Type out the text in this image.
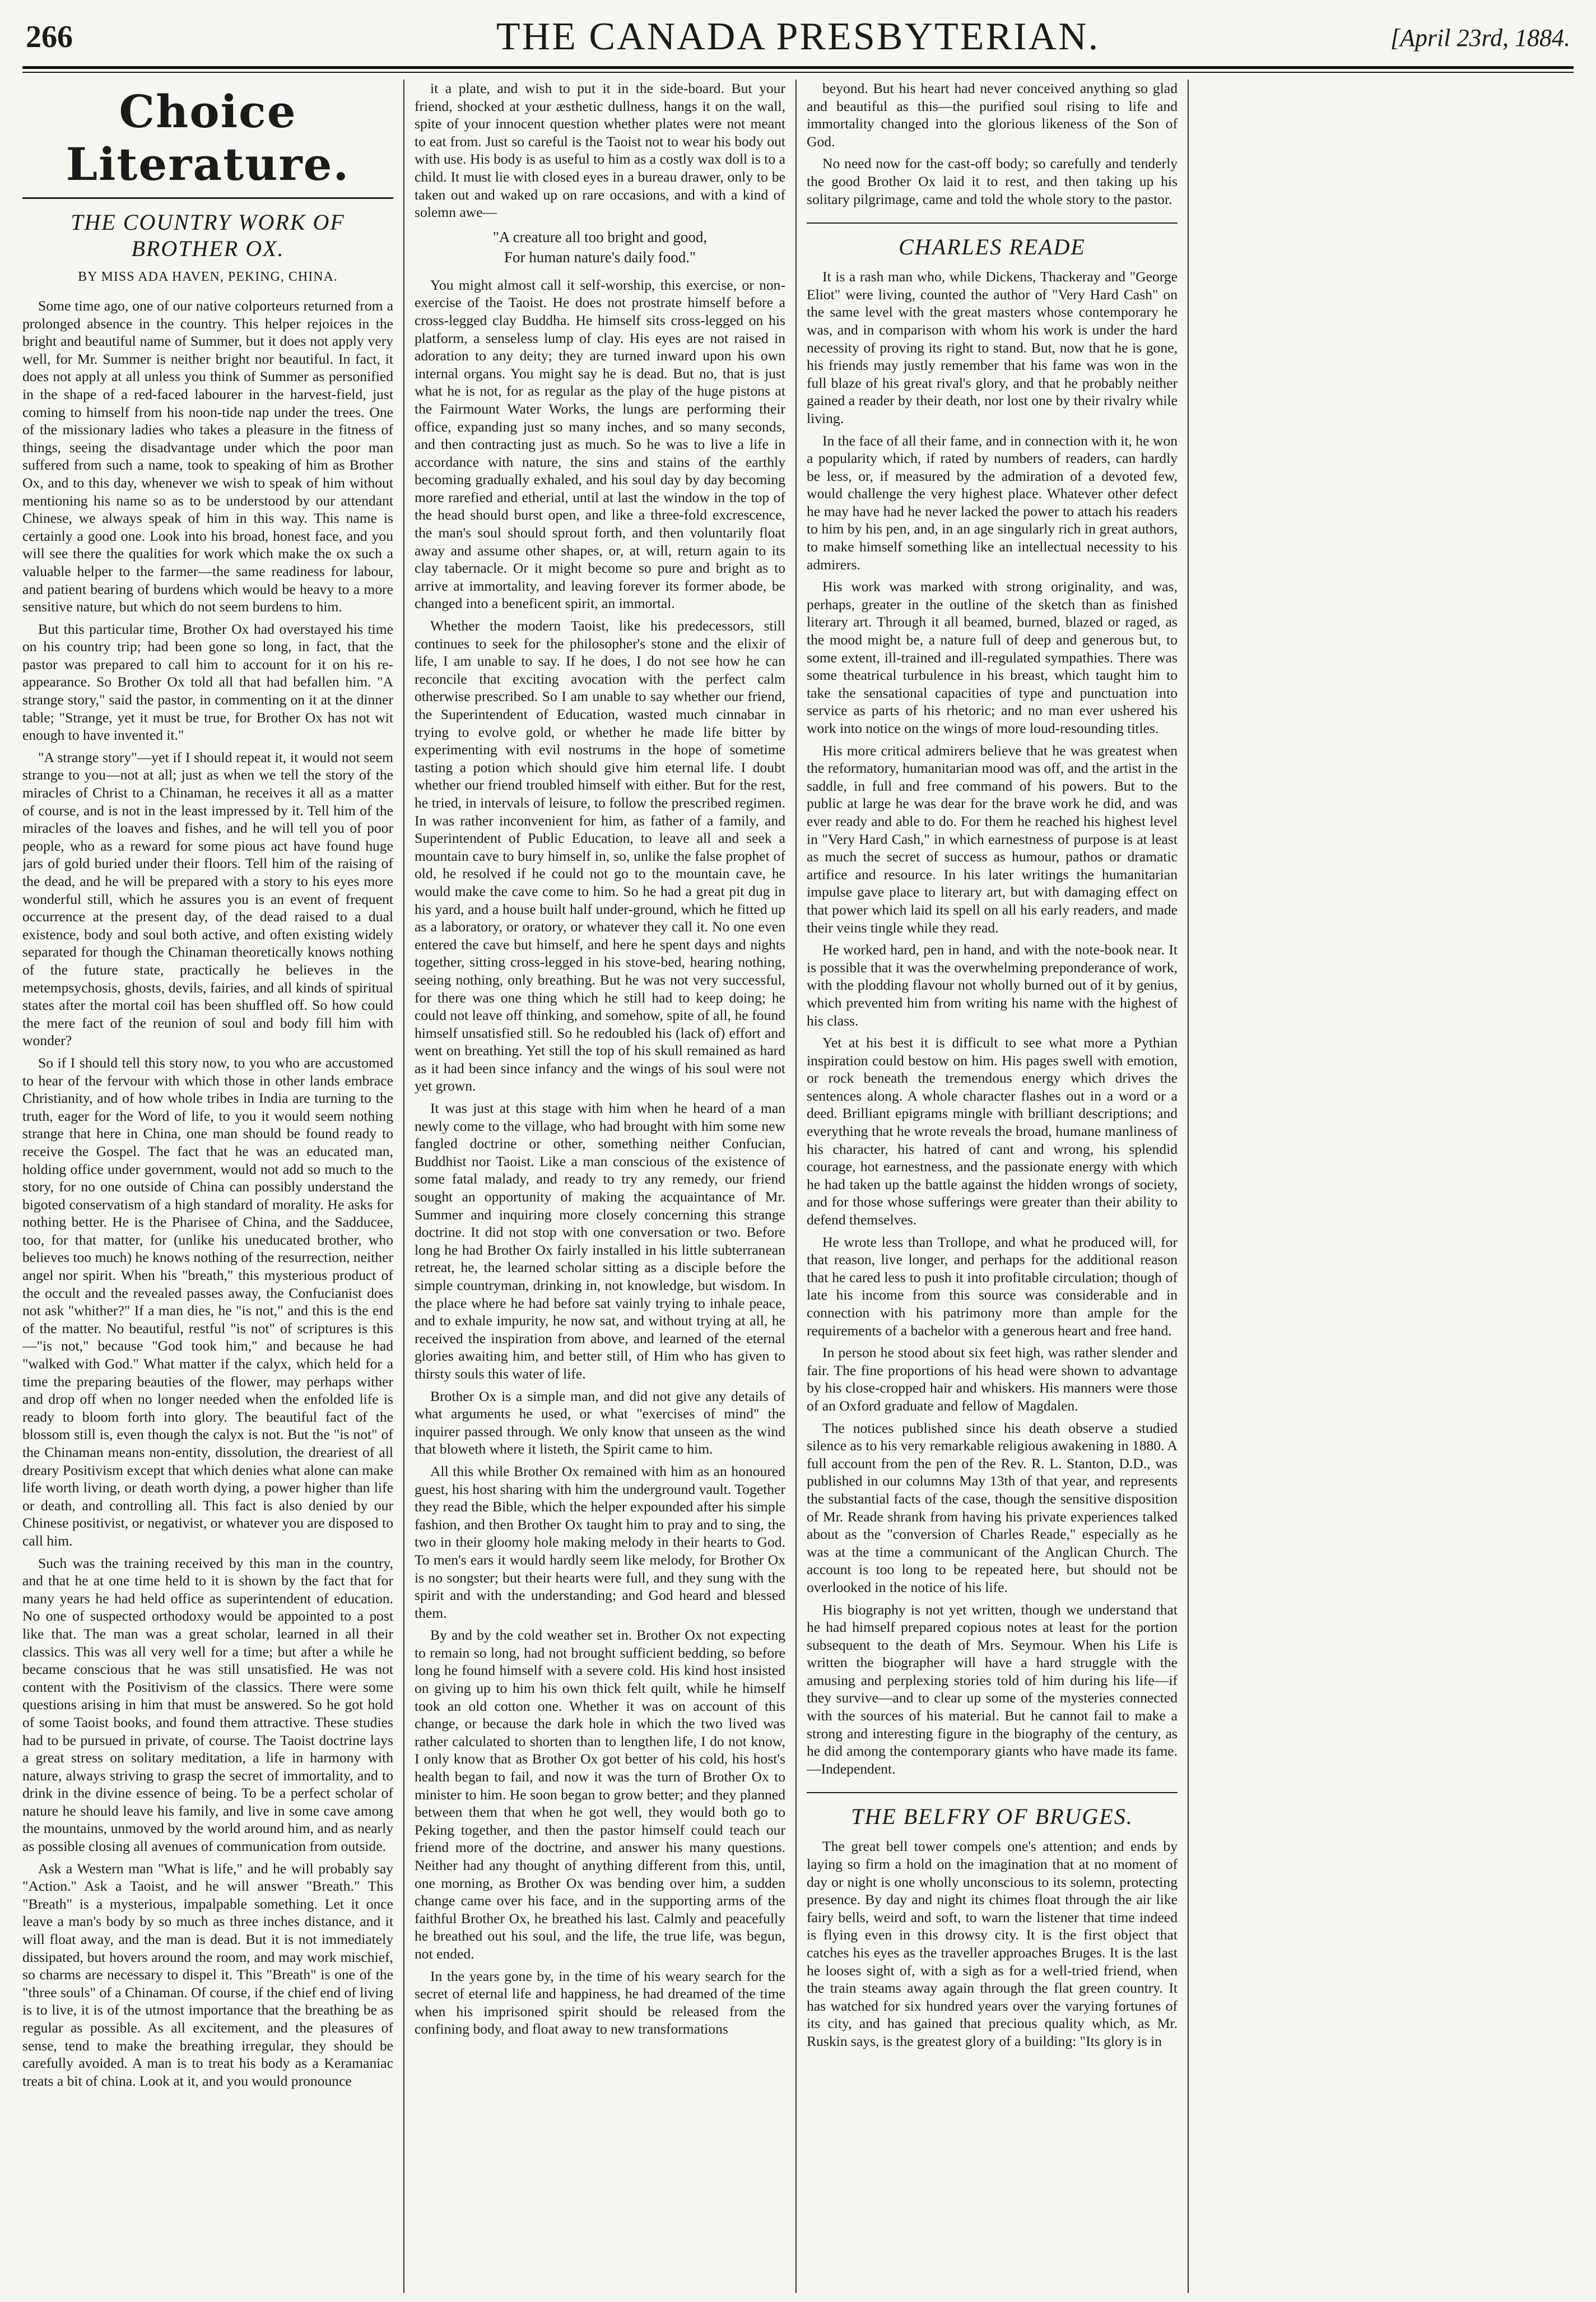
266	THE CANADA PRESBYTERIAN.	[April 23rd, 1884.
Choice Literature.
THE COUNTRY WORK OF BROTHER OX.
BY MISS ADA HAVEN, PEKING, CHINA.

Some time ago, one of our native colporteurs returned from a prolonged absence in the country. This helper rejoices in the bright and beautiful name of Summer, but it does not apply very well, for Mr. Summer is neither bright nor beautiful. In fact, it does not apply at all unless you think of Summer as personified in the shape of a red-faced labourer in the harvest-field, just coming to himself from his noon-tide nap under the trees. One of the missionary ladies who takes a pleasure in the fitness of things, seeing the disadvantage under which the poor man suffered from such a name, took to speaking of him as Brother Ox, and to this day, whenever we wish to speak of him without mentioning his name so as to be understood by our attendant Chinese, we always speak of him in this way. This name is certainly a good one. Look into his broad, honest face, and you will see there the qualities for work which make the ox such a valuable helper to the farmer—the same readiness for labour, and patient bearing of burdens which would be heavy to a more sensitive nature, but which do not seem burdens to him.

But this particular time, Brother Ox had overstayed his time on his country trip; had been gone so long, in fact, that the pastor was prepared to call him to account for it on his re-appearance. So Brother Ox told all that had befallen him. "A strange story," said the pastor, in commenting on it at the dinner table; "Strange, yet it must be true, for Brother Ox has not wit enough to have invented it."

"A strange story"—yet if I should repeat it, it would not seem strange to you—not at all; just as when we tell the story of the miracles of Christ to a Chinaman, he receives it all as a matter of course, and is not in the least impressed by it. Tell him of the miracles of the loaves and fishes, and he will tell you of poor people, who as a reward for some pious act have found huge jars of gold buried under their floors. Tell him of the raising of the dead, and he will be prepared with a story to his eyes more wonderful still, which he assures you is an event of frequent occurrence at the present day, of the dead raised to a dual existence, body and soul both active, and often existing widely separated for though the Chinaman theoretically knows nothing of the future state, practically he believes in the metempsychosis, ghosts, devils, fairies, and all kinds of spiritual states after the mortal coil has been shuffled off. So how could the mere fact of the reunion of soul and body fill him with wonder?

So if I should tell this story now, to you who are accustomed to hear of the fervour with which those in other lands embrace Christianity, and of how whole tribes in India are turning to the truth, eager for the Word of life, to you it would seem nothing strange that here in China, one man should be found ready to receive the Gospel. The fact that he was an educated man, holding office under government, would not add so much to the story, for no one outside of China can possibly understand the bigoted conservatism of a high standard of morality. He asks for nothing better. He is the Pharisee of China, and the Sadducee, too, for that matter, for (unlike his uneducated brother, who believes too much) he knows nothing of the resurrection, neither angel nor spirit. When his "breath," this mysterious product of the occult and the revealed passes away, the Confucianist does not ask "whither?" If a man dies, he "is not," and this is the end of the matter. No beautiful, restful "is not" of scriptures is this—"is not," because "God took him," and because he had "walked with God." What matter if the calyx, which held for a time the preparing beauties of the flower, may perhaps wither and drop off when no longer needed when the enfolded life is ready to bloom forth into glory. The beautiful fact of the blossom still is, even though the calyx is not. But the "is not" of the Chinaman means non-entity, dissolution, the dreariest of all dreary Positivism except that which denies what alone can make life worth living, or death worth dying, a power higher than life or death, and controlling all. This fact is also denied by our Chinese positivist, or negativist, or whatever you are disposed to call him.

Such was the training received by this man in the country, and that he at one time held to it is shown by the fact that for many years he had held office as superintendent of education. No one of suspected orthodoxy would be appointed to a post like that. The man was a great scholar, learned in all their classics. This was all very well for a time; but after a while he became conscious that he was still unsatisfied. He was not content with the Positivism of the classics. There were some questions arising in him that must be answered. So he got hold of some Taoist books, and found them attractive. These studies had to be pursued in private, of course. The Taoist doctrine lays a great stress on solitary meditation, a life in harmony with nature, always striving to grasp the secret of immortality, and to drink in the divine essence of being. To be a perfect scholar of nature he should leave his family, and live in some cave among the mountains, unmoved by the world around him, and as nearly as possible closing all avenues of communication from outside.

Ask a Western man "What is life," and he will probably say "Action." Ask a Taoist, and he will answer "Breath." This "Breath" is a mysterious, impalpable something. Let it once leave a man's body by so much as three inches distance, and it will float away, and the man is dead. But it is not immediately dissipated, but hovers around the room, and may work mischief, so charms are necessary to dispel it. This "Breath" is one of the "three souls" of a Chinaman. Of course, if the chief end of living is to live, it is of the utmost importance that the breathing be as regular as possible. As all excitement, and the pleasures of sense, tend to make the breathing irregular, they should be carefully avoided. A man is to treat his body as a Keramaniac treats a bit of china. Look at it, and you would pronounce

it a plate, and wish to put it in the side-board. But your friend, shocked at your æsthetic dullness, hangs it on the wall, spite of your innocent question whether plates were not meant to eat from. Just so careful is the Taoist not to wear his body out with use. His body is as useful to him as a costly wax doll is to a child. It must lie with closed eyes in a bureau drawer, only to be taken out and waked up on rare occasions, and with a kind of solemn awe—

"A creature all too bright and good,
For human nature's daily food."

You might almost call it self-worship, this exercise, or non-exercise of the Taoist. He does not prostrate himself before a cross-legged clay Buddha. He himself sits cross-legged on his platform, a senseless lump of clay. His eyes are not raised in adoration to any deity; they are turned inward upon his own internal organs. You might say he is dead. But no, that is just what he is not, for as regular as the play of the huge pistons at the Fairmount Water Works, the lungs are performing their office, expanding just so many inches, and so many seconds, and then contracting just as much. So he was to live a life in accordance with nature, the sins and stains of the earthly becoming gradually exhaled, and his soul day by day becoming more rarefied and etherial, until at last the window in the top of the head should burst open, and like a three-fold excrescence, the man's soul should sprout forth, and then voluntarily float away and assume other shapes, or, at will, return again to its clay tabernacle. Or it might become so pure and bright as to arrive at immortality, and leaving forever its former abode, be changed into a beneficent spirit, an immortal.

Whether the modern Taoist, like his predecessors, still continues to seek for the philosopher's stone and the elixir of life, I am unable to say. If he does, I do not see how he can reconcile that exciting avocation with the perfect calm otherwise prescribed. So I am unable to say whether our friend, the Superintendent of Education, wasted much cinnabar in trying to evolve gold, or whether he made life bitter by experimenting with evil nostrums in the hope of sometime tasting a potion which should give him eternal life. I doubt whether our friend troubled himself with either. But for the rest, he tried, in intervals of leisure, to follow the prescribed regimen. In was rather inconvenient for him, as father of a family, and Superintendent of Public Education, to leave all and seek a mountain cave to bury himself in, so, unlike the false prophet of old, he resolved if he could not go to the mountain cave, he would make the cave come to him. So he had a great pit dug in his yard, and a house built half under-ground, which he fitted up as a laboratory, or oratory, or whatever they call it. No one even entered the cave but himself, and here he spent days and nights together, sitting cross-legged in his stove-bed, hearing nothing, seeing nothing, only breathing. But he was not very successful, for there was one thing which he still had to keep doing; he could not leave off thinking, and somehow, spite of all, he found himself unsatisfied still. So he redoubled his (lack of) effort and went on breathing. Yet still the top of his skull remained as hard as it had been since infancy and the wings of his soul were not yet grown.

It was just at this stage with him when he heard of a man newly come to the village, who had brought with him some new fangled doctrine or other, something neither Confucian, Buddhist nor Taoist. Like a man conscious of the existence of some fatal malady, and ready to try any remedy, our friend sought an opportunity of making the acquaintance of Mr. Summer and inquiring more closely concerning this strange doctrine. It did not stop with one conversation or two. Before long he had Brother Ox fairly installed in his little subterranean retreat, he, the learned scholar sitting as a disciple before the simple countryman, drinking in, not knowledge, but wisdom. In the place where he had before sat vainly trying to inhale peace, and to exhale impurity, he now sat, and without trying at all, he received the inspiration from above, and learned of the eternal glories awaiting him, and better still, of Him who has given to thirsty souls this water of life.

Brother Ox is a simple man, and did not give any details of what arguments he used, or what "exercises of mind" the inquirer passed through. We only know that unseen as the wind that bloweth where it listeth, the Spirit came to him.

All this while Brother Ox remained with him as an honoured guest, his host sharing with him the underground vault. Together they read the Bible, which the helper expounded after his simple fashion, and then Brother Ox taught him to pray and to sing, the two in their gloomy hole making melody in their hearts to God. To men's ears it would hardly seem like melody, for Brother Ox is no songster; but their hearts were full, and they sung with the spirit and with the understanding; and God heard and blessed them.

By and by the cold weather set in. Brother Ox not expecting to remain so long, had not brought sufficient bedding, so before long he found himself with a severe cold. His kind host insisted on giving up to him his own thick felt quilt, while he himself took an old cotton one. Whether it was on account of this change, or because the dark hole in which the two lived was rather calculated to shorten than to lengthen life, I do not know, I only know that as Brother Ox got better of his cold, his host's health began to fail, and now it was the turn of Brother Ox to minister to him. He soon began to grow better; and they planned between them that when he got well, they would both go to Peking together, and then the pastor himself could teach our friend more of the doctrine, and answer his many questions. Neither had any thought of anything different from this, until, one morning, as Brother Ox was bending over him, a sudden change came over his face, and in the supporting arms of the faithful Brother Ox, he breathed his last. Calmly and peacefully he breathed out his soul, and the life, the true life, was begun, not ended.

In the years gone by, in the time of his weary search for the secret of eternal life and happiness, he had dreamed of the time when his imprisoned spirit should be released from the confining body, and float away to new transformations

beyond. But his heart had never conceived anything so glad and beautiful as this—the purified soul rising to life and immortality changed into the glorious likeness of the Son of God.

No need now for the cast-off body; so carefully and tenderly the good Brother Ox laid it to rest, and then taking up his solitary pilgrimage, came and told the whole story to the pastor.

CHARLES READE

It is a rash man who, while Dickens, Thackeray and "George Eliot" were living, counted the author of "Very Hard Cash" on the same level with the great masters whose contemporary he was, and in comparison with whom his work is under the hard necessity of proving its right to stand. But, now that he is gone, his friends may justly remember that his fame was won in the full blaze of his great rival's glory, and that he probably neither gained a reader by their death, nor lost one by their rivalry while living.

In the face of all their fame, and in connection with it, he won a popularity which, if rated by numbers of readers, can hardly be less, or, if measured by the admiration of a devoted few, would challenge the very highest place. Whatever other defect he may have had he never lacked the power to attach his readers to him by his pen, and, in an age singularly rich in great authors, to make himself something like an intellectual necessity to his admirers.

His work was marked with strong originality, and was, perhaps, greater in the outline of the sketch than as finished literary art. Through it all beamed, burned, blazed or raged, as the mood might be, a nature full of deep and generous but, to some extent, ill-trained and ill-regulated sympathies. There was some theatrical turbulence in his breast, which taught him to take the sensational capacities of type and punctuation into service as parts of his rhetoric; and no man ever ushered his work into notice on the wings of more loud-resounding titles.

His more critical admirers believe that he was greatest when the reformatory, humanitarian mood was off, and the artist in the saddle, in full and free command of his powers. But to the public at large he was dear for the brave work he did, and was ever ready and able to do. For them he reached his highest level in "Very Hard Cash," in which earnestness of purpose is at least as much the secret of success as humour, pathos or dramatic artifice and resource. In his later writings the humanitarian impulse gave place to literary art, but with damaging effect on that power which laid its spell on all his early readers, and made their veins tingle while they read.

He worked hard, pen in hand, and with the note-book near. It is possible that it was the overwhelming preponderance of work, with the plodding flavour not wholly burned out of it by genius, which prevented him from writing his name with the highest of his class.

Yet at his best it is difficult to see what more a Pythian inspiration could bestow on him. His pages swell with emotion, or rock beneath the tremendous energy which drives the sentences along. A whole character flashes out in a word or a deed. Brilliant epigrams mingle with brilliant descriptions; and everything that he wrote reveals the broad, humane manliness of his character, his hatred of cant and wrong, his splendid courage, hot earnestness, and the passionate energy with which he had taken up the battle against the hidden wrongs of society, and for those whose sufferings were greater than their ability to defend themselves.

He wrote less than Trollope, and what he produced will, for that reason, live longer, and perhaps for the additional reason that he cared less to push it into profitable circulation; though of late his income from this source was considerable and in connection with his patrimony more than ample for the requirements of a bachelor with a generous heart and free hand.

In person he stood about six feet high, was rather slender and fair. The fine proportions of his head were shown to advantage by his close-cropped hair and whiskers. His manners were those of an Oxford graduate and fellow of Magdalen.

The notices published since his death observe a studied silence as to his very remarkable religious awakening in 1880. A full account from the pen of the Rev. R. L. Stanton, D.D., was published in our columns May 13th of that year, and represents the substantial facts of the case, though the sensitive disposition of Mr. Reade shrank from having his private experiences talked about as the "conversion of Charles Reade," especially as he was at the time a communicant of the Anglican Church. The account is too long to be repeated here, but should not be overlooked in the notice of his life.

His biography is not yet written, though we understand that he had himself prepared copious notes at least for the portion subsequent to the death of Mrs. Seymour. When his Life is written the biographer will have a hard struggle with the amusing and perplexing stories told of him during his life—if they survive—and to clear up some of the mysteries connected with the sources of his material. But he cannot fail to make a strong and interesting figure in the biography of the century, as he did among the contemporary giants who have made its fame.—Independent.

THE BELFRY OF BRUGES.

The great bell tower compels one's attention; and ends by laying so firm a hold on the imagination that at no moment of day or night is one wholly unconscious to its solemn, protecting presence. By day and night its chimes float through the air like fairy bells, weird and soft, to warn the listener that time indeed is flying even in this drowsy city. It is the first object that catches his eyes as the traveller approaches Bruges. It is the last he looses sight of, with a sigh as for a well-tried friend, when the train steams away again through the flat green country. It has watched for six hundred years over the varying fortunes of its city, and has gained that precious quality which, as Mr. Ruskin says, is the greatest glory of a building: "Its glory is in
